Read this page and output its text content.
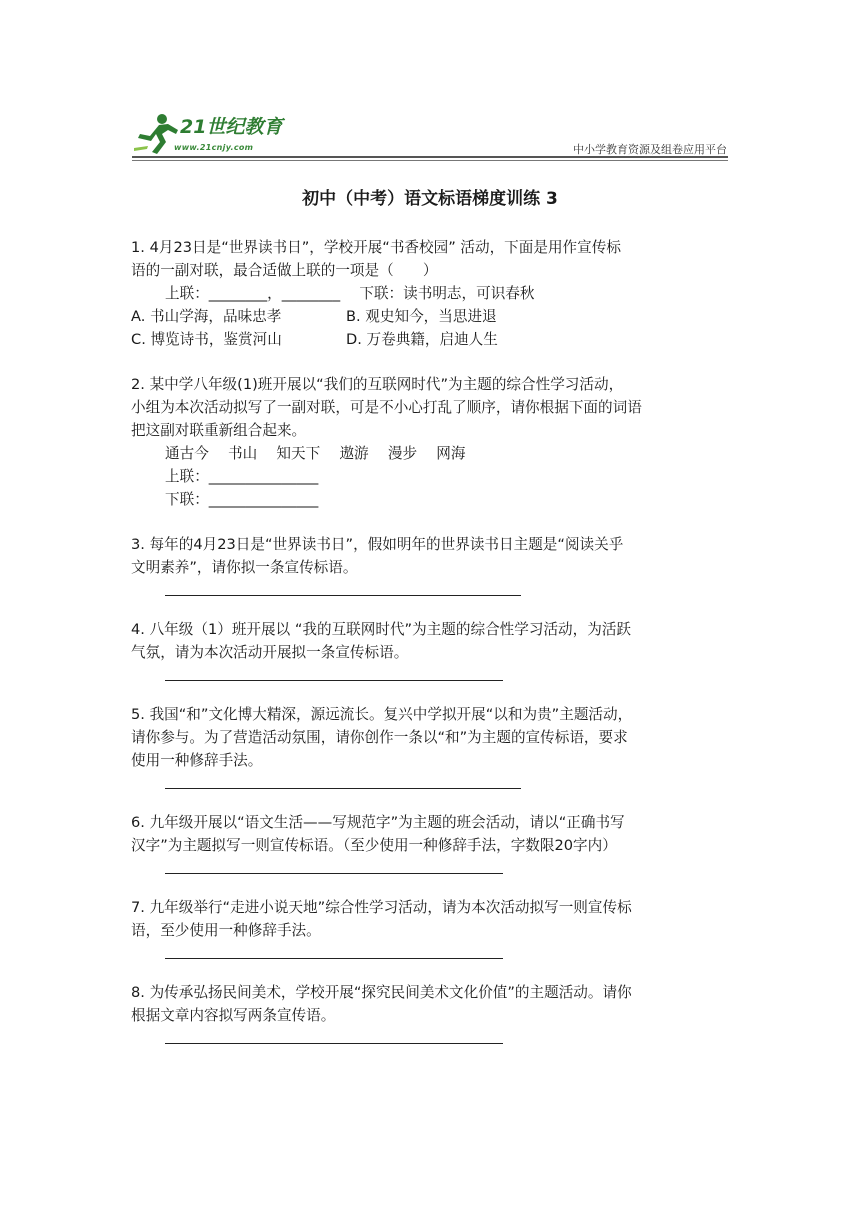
21世纪教育
www.21cnjy.com	中小学教育资源及组卷应用平台
初中（中考）语文标语梯度训练 3
1. 4月23日是“世界读书日”，学校开展“书香校园” 活动，下面是用作宣传标
语的一副对联，最合适做上联的一项是（　　）
上联：________，________　 下联：读书明志，可识春秋
A. 书山学海，品味忠孝	B. 观史知今，当思进退
C. 博览诗书，鉴赏河山	D. 万卷典籍，启迪人生
2. 某中学八年级(1)班开展以“我们的互联网时代”为主题的综合性学习活动，
小组为本次活动拟写了一副对联，可是不小心打乱了顺序，请你根据下面的词语
把这副对联重新组合起来。
通古今　 书山　 知天下　 遨游　 漫步　 网海
上联：_______________
下联：_______________
3. 每年的4月23日是“世界读书日”，假如明年的世界读书日主题是“阅读关乎
文明素养”，请你拟一条宣传标语。
4. 八年级（1）班开展以 “我的互联网时代”为主题的综合性学习活动，为活跃
气氛，请为本次活动开展拟一条宣传标语。
5. 我国“和”文化博大精深，源远流长。复兴中学拟开展“以和为贵”主题活动，
请你参与。为了营造活动氛围，请你创作一条以“和”为主题的宣传标语，要求
使用一种修辞手法。
6. 九年级开展以“语文生活——写规范字”为主题的班会活动，请以“正确书写
汉字”为主题拟写一则宣传标语。（至少使用一种修辞手法，字数限20字内）
7. 九年级举行“走进小说天地”综合性学习活动，请为本次活动拟写一则宣传标
语，至少使用一种修辞手法。
8. 为传承弘扬民间美术，学校开展“探究民间美术文化价值”的主题活动。请你
根据文章内容拟写两条宣传语。
